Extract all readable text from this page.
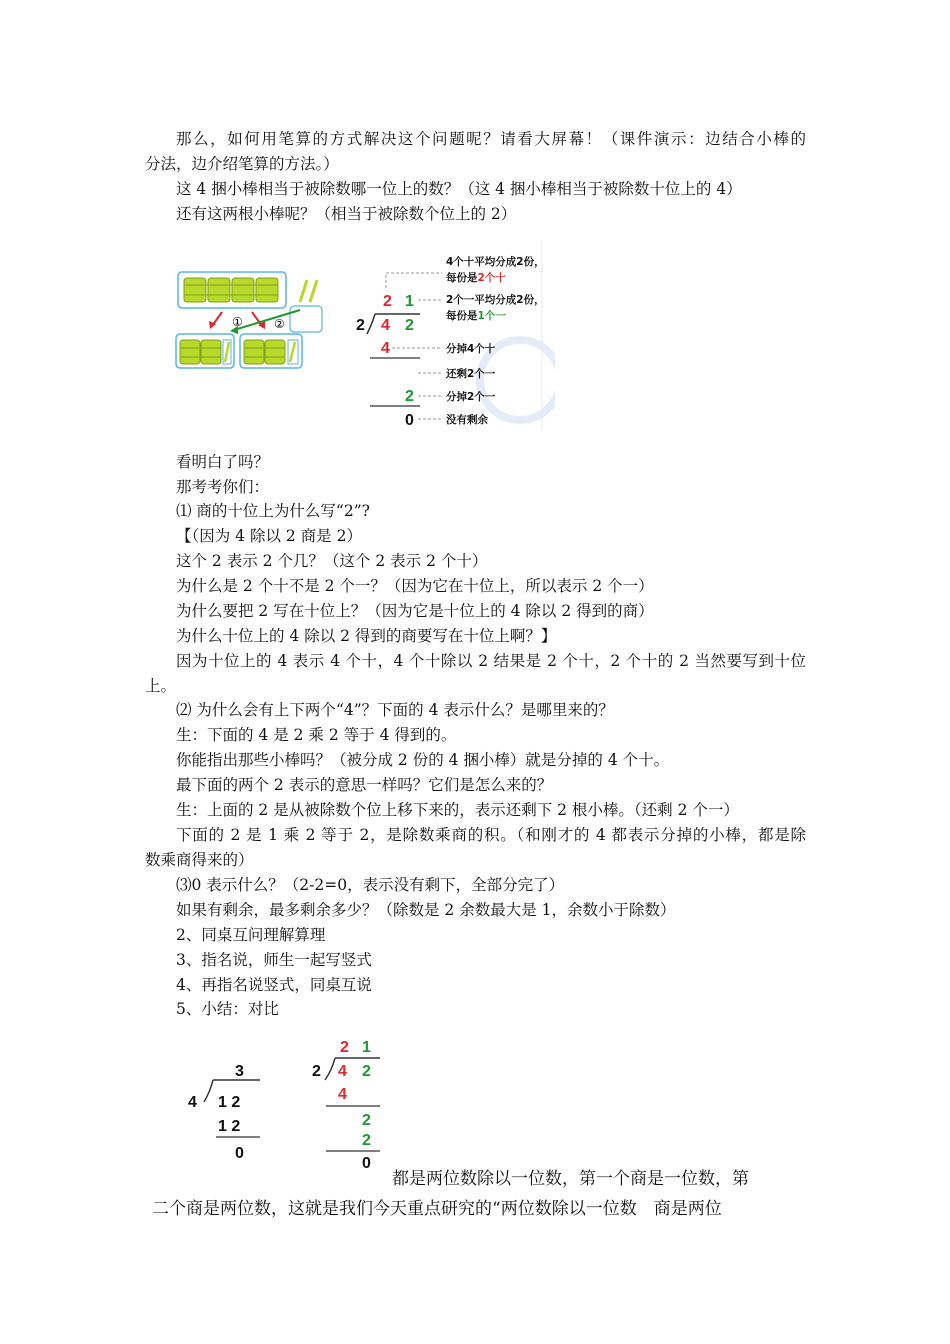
那么，如何用笔算的方式解决这个问题呢？请看大屏幕！（课件演示：边结合小棒的
分法，边介绍笔算的方法。）
这 4 捆小棒相当于被除数哪一位上的数？（这 4 捆小棒相当于被除数十位上的 4）
还有这两根小棒呢？（相当于被除数个位上的 2）
①	②
2 1
2 4 2
4
2
0
4个十平均分成2份，
每份是2个十
2个一平均分成2份，
每份是1个一
分掉4个十
还剩2个一
分掉2个一
没有剩余
看明白了吗？
那考考你们：
⑴ 商的十位上为什么写“2”?
【（因为 4 除以 2 商是 2）
这个 2 表示 2 个几？（这个 2 表示 2 个十）
为什么是 2 个十不是 2 个一？（因为它在十位上，所以表示 2 个一）
为什么要把 2 写在十位上？（因为它是十位上的 4 除以 2 得到的商）
为什么十位上的 4 除以 2 得到的商要写在十位上啊？】
因为十位上的 4 表示 4 个十，4 个十除以 2 结果是 2 个十，2 个十的 2 当然要写到十位
上。
⑵ 为什么会有上下两个“4”？下面的 4 表示什么？是哪里来的？
生：下面的 4 是 2 乘 2 等于 4 得到的。
你能指出那些小棒吗？（被分成 2 份的 4 捆小棒）就是分掉的 4 个十。
最下面的两个 2 表示的意思一样吗？它们是怎么来的？
生：上面的 2 是从被除数个位上移下来的，表示还剩下 2 根小棒。（还剩 2 个一）
下面的 2 是 1 乘 2 等于 2，是除数乘商的积。（和刚才的 4 都表示分掉的小棒，都是除
数乘商得来的）
⑶0 表示什么？（2-2=0，表示没有剩下，全部分完了）
如果有剩余，最多剩余多少？（除数是 2 余数最大是 1，余数小于除数）
2、同桌互问理解算理
3、指名说，师生一起写竖式
4、再指名说竖式，同桌互说
5、小结：对比
3
4 1 2
1 2
0
2 1
2 4 2
4
2
2
0
都是两位数除以一位数，第一个商是一位数，第
二个商是两位数，这就是我们今天重点研究的“两位数除以一位数　商是两位
